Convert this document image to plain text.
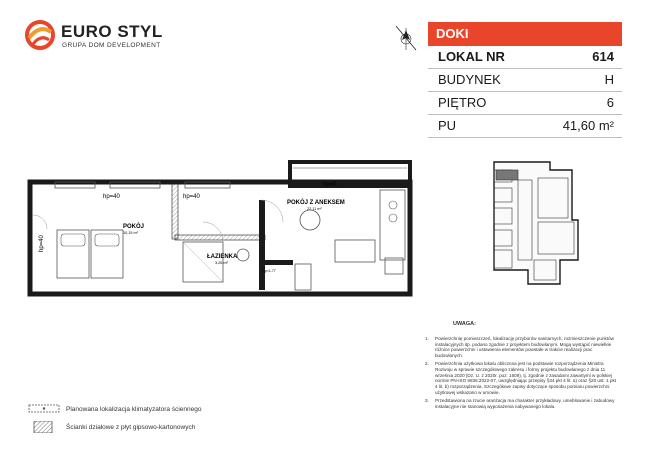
EURO STYL
GRUPA DOM DEVELOPMENT
DOKI
LOKAL NR	614
BUDYNEK	H
PIĘTRO	6
PU	41,60 m²
POKÓJ
10,15 m²
POKÓJ Z ANEKSEM
22,11 m²
ŁAZIENKA
3,26 m²
hp=40	hp=40
hp=0
hp=40
hp=1.77
UWAGA:
1. Powierzchnię pomieszczeń, lokalizację przyborów sanitarnych, rozmieszczenie punktów instalacyjnych itp. podano zgodnie z projektem budowlanym. Mogą wystąpić niewielkie różnice powierzchni i ustawienia elementów powstałe w trakcie realizacji prac budowlanych.
2. Powierzchnia użytkowa lokalu obliczona jest na podstawie rozporządzenia Ministra Rozwoju w sprawie szczegółowego zakresu i formy projektu budowlanego z dnia 11 września 2020 (Dz. U. z 2020r. poz. 1609), tj. zgodnie z zasadami zawartymi w polskiej normie PN-ISO 9836:2022-07, uwzględniając przepisy §34 pkt 4 lit. a) oraz §20 ust. 1 pkt 4 lit. b) rozporządzenia. Szczegółowe zapisy dotyczące sposobu pomiaru powierzchni użytkowej wskazano w umowie.
3. Przedstawiona na rzucie aranżacja ma charakter przykładowy, umeblowanie i zabudowy instalacyjne nie stanowią wyposażenia nabywanego lokalu.
Planowana lokalizacja klimatyzatora ściennego
Ścianki działowe z płyt gipsowo-kartonowych
